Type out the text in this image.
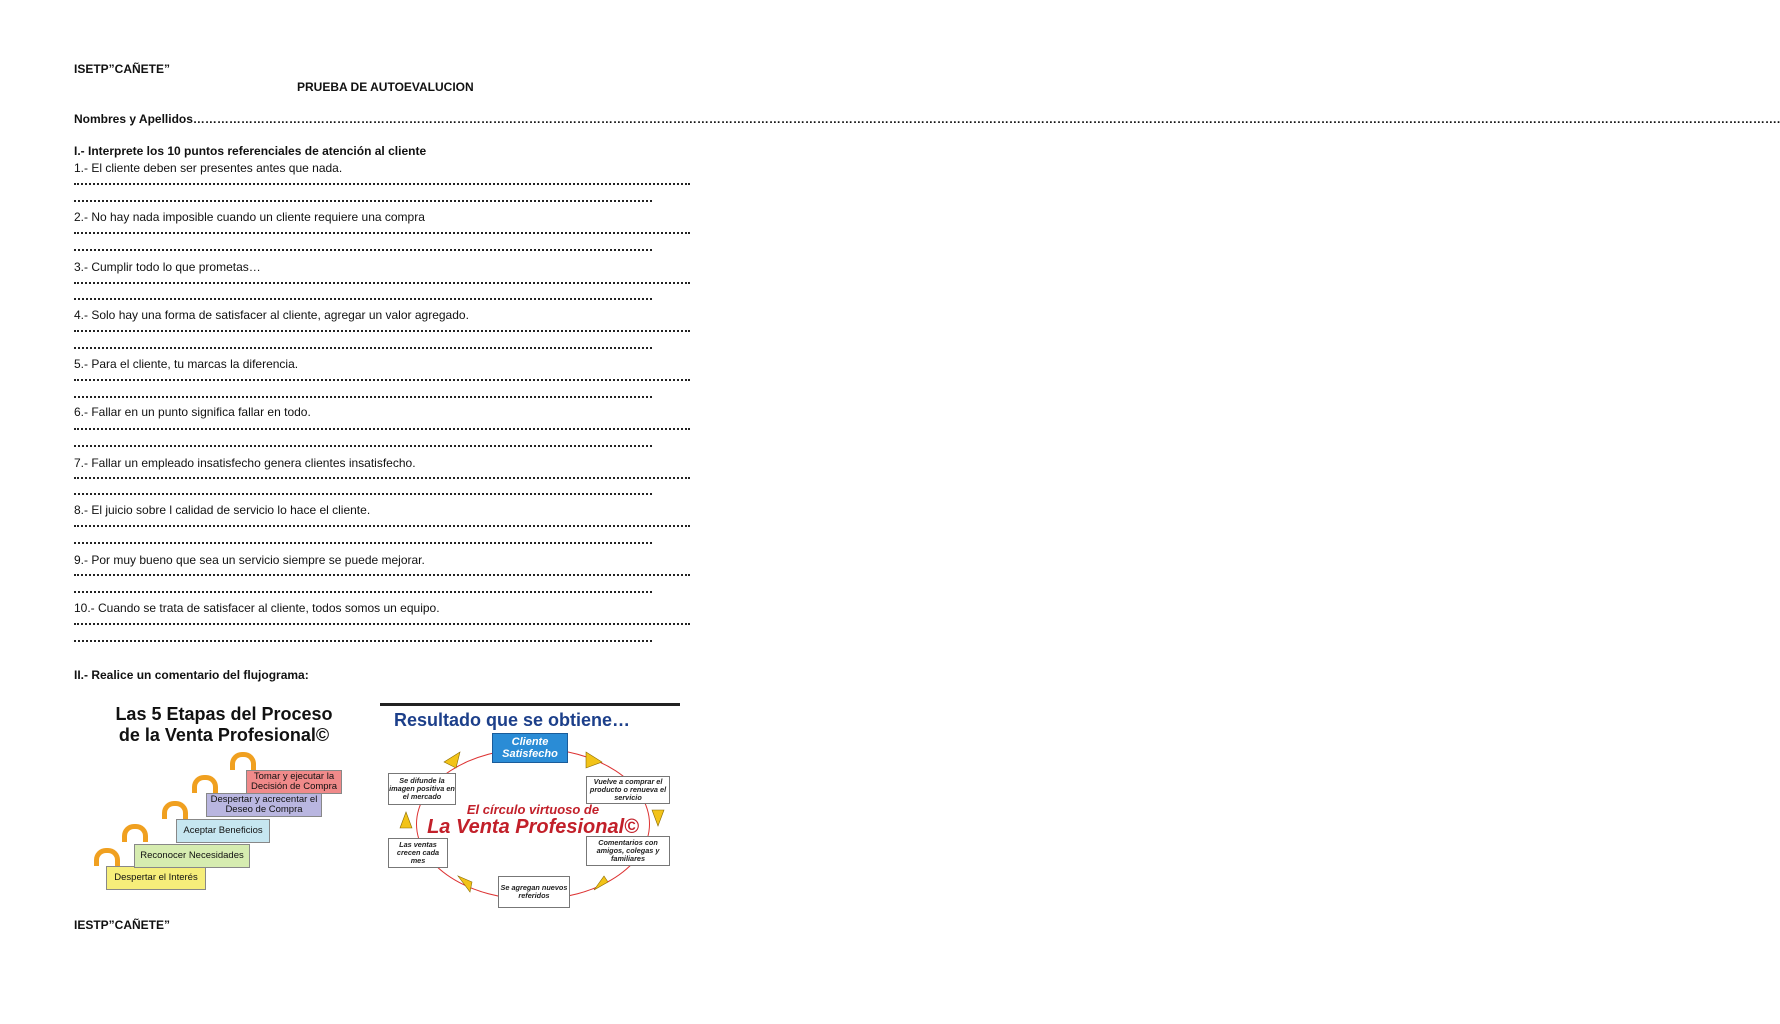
ISETP”CAÑETE”
PRUEBA DE AUTOEVALUCION
Nombres y Apellidos……………………………………………………………………………………………………………………………………………………………………………………………………………………………………………………………………………………………………………………………………………………………….
I.- Interprete los 10 puntos referenciales de atención al cliente
1.- El cliente deben ser presentes antes que nada.
2.- No hay nada imposible cuando un cliente requiere una compra
3.- Cumplir todo lo que prometas…
4.- Solo hay una forma de satisfacer al cliente, agregar un valor agregado.
5.- Para el cliente, tu marcas la diferencia.
6.- Fallar en un punto significa fallar en todo.
7.- Fallar un empleado insatisfecho genera clientes insatisfecho.
8.- El juicio sobre l calidad de servicio lo hace el cliente.
9.- Por muy bueno que sea un servicio siempre se puede mejorar.
10.- Cuando se trata de satisfacer al cliente, todos somos un equipo.
II.- Realice un comentario del flujograma:
Las 5 Etapas del Proceso
de la Venta Profesional©
Despertar el Interés
Reconocer Necesidades
Aceptar Beneficios
Despertar y acrecentar el Deseo de Compra
Tomar y ejecutar la Decisión de Compra
Resultado que se obtiene…
Cliente Satisfecho
Se difunde la imagen positiva en el mercado
Vuelve a comprar el producto o renueva el servicio
Las ventas crecen cada mes
Comentarios con amigos, colegas y familiares
Se agregan nuevos referidos
El círculo virtuoso de
La Venta Profesional©
IESTP”CAÑETE”
